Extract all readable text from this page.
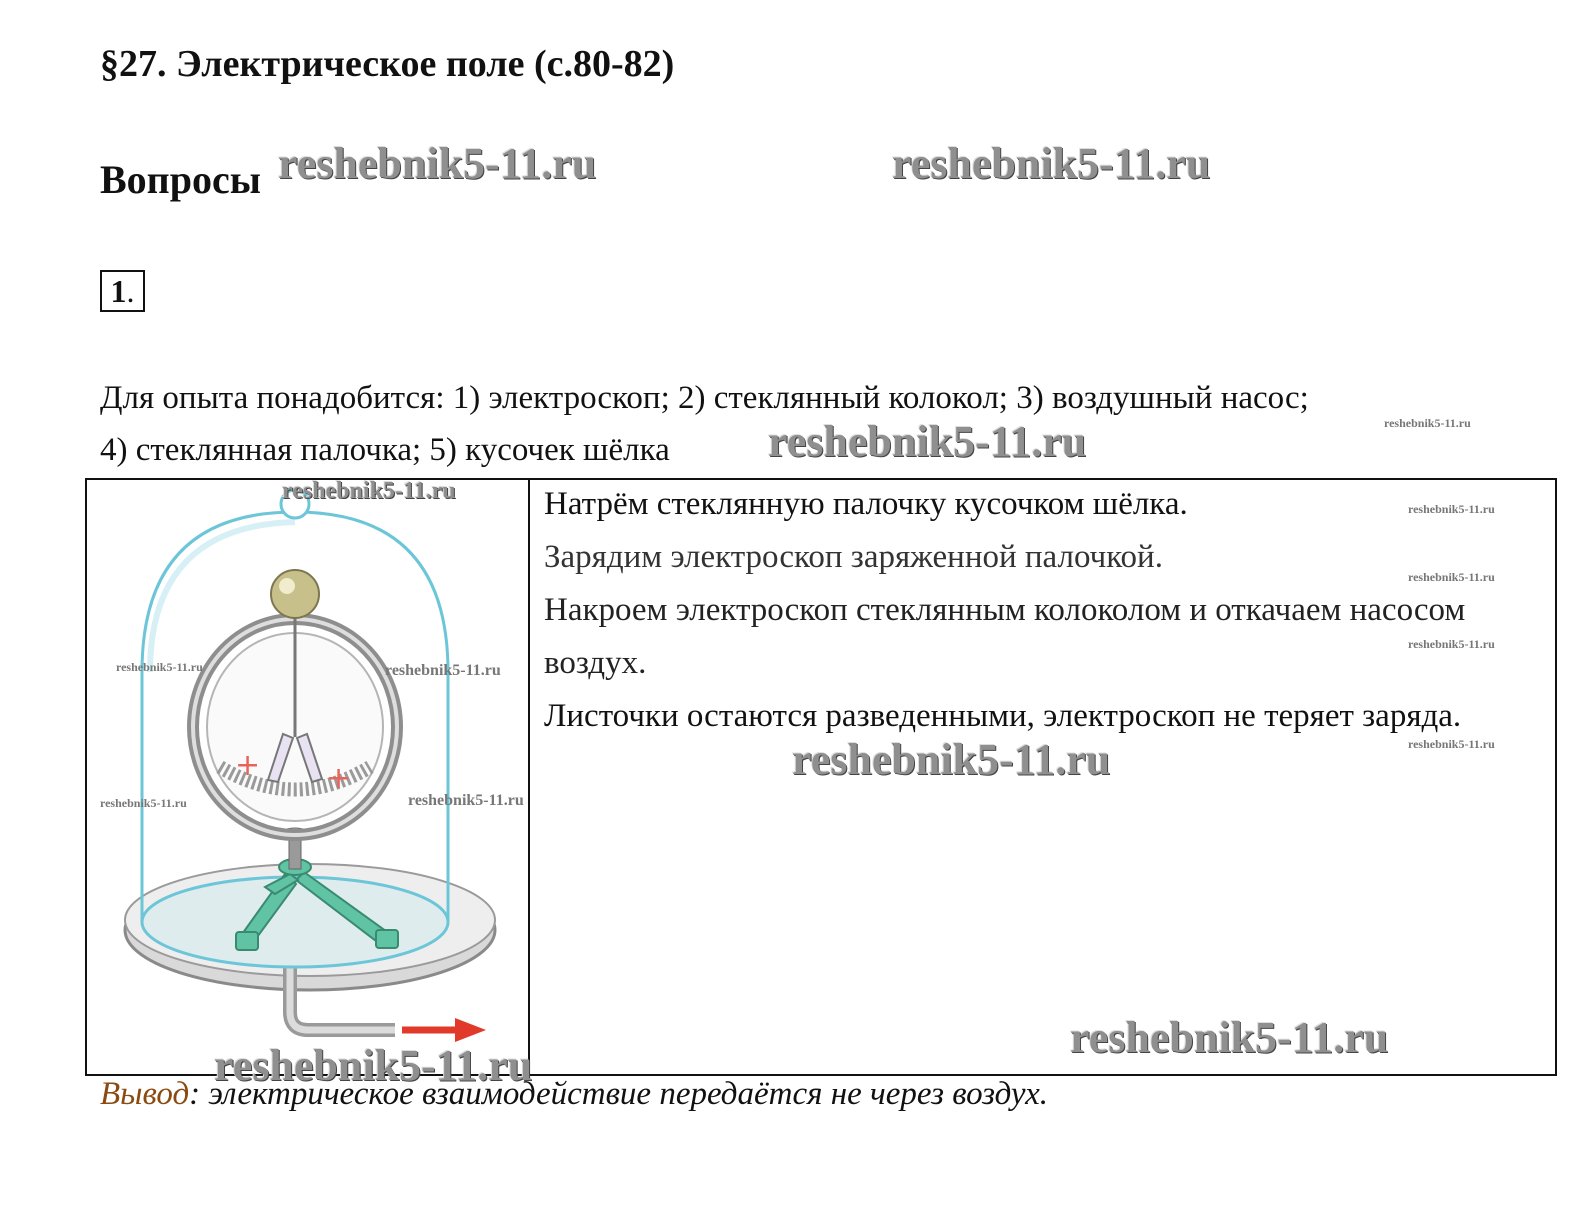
§27. Электрическое поле (с.80-82)
Вопросы reshebnik5-11.ru	reshebnik5-11.ru
1.
Для опыта понадобится: 1) электроскоп; 2) стеклянный колокол; 3) воздушный насос;
4) стеклянная палочка; 5) кусочек шёлка	reshebnik5-11.ru	reshebnik5-11.ru
+ +
reshebnik5-11.ru
reshebnik5-11.ru	reshebnik5-11.ru
reshebnik5-11.ru	reshebnik5-11.ru

Натрём стеклянную палочку кусочком шёлка.

Зарядим электроскоп заряженной палочкой.

Накроем электроскоп стеклянным колоколом и откачаем насосом воздух.

Листочки остаются разведенными, электроскоп не теряет заряда.

reshebnik5-11.ru
reshebnik5-11.ru
reshebnik5-11.ru
reshebnik5-11.ru
reshebnik5-11.ru
reshebnik5-11.ru
reshebnik5-11.ru
Вывод: электрическое взаимодействие передаётся не через воздух.
